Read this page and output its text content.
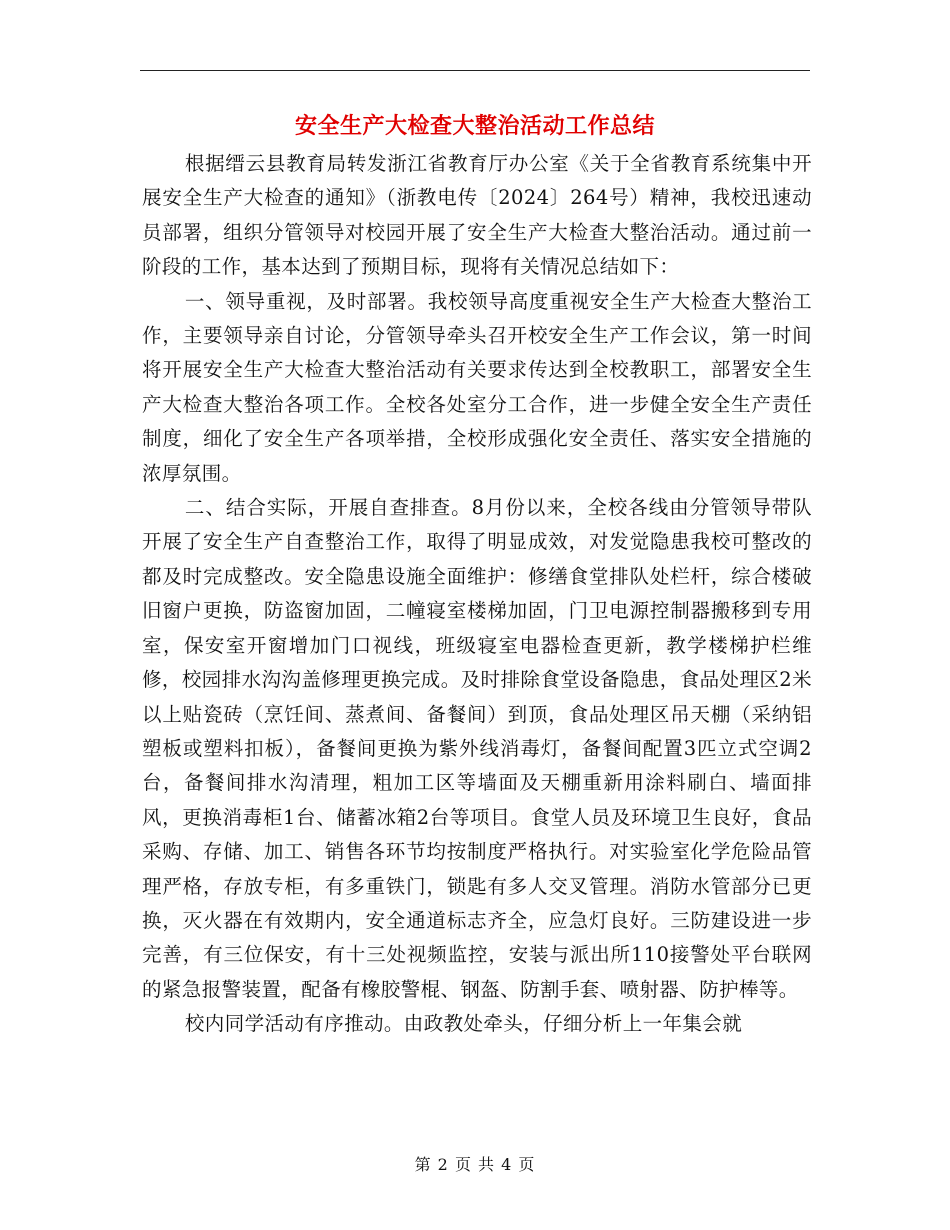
安全生产大检查大整治活动工作总结

根据缙云县教育局转发浙江省教育厅办公室《关于全省教育系统集中开展安全生产大检查的通知》（浙教电传〔2024〕264号）精神，我校迅速动员部署，组织分管领导对校园开展了安全生产大检查大整治活动。通过前一阶段的工作，基本达到了预期目标，现将有关情况总结如下：

一、领导重视，及时部署。我校领导高度重视安全生产大检查大整治工作，主要领导亲自讨论，分管领导牵头召开校安全生产工作会议，第一时间将开展安全生产大检查大整治活动有关要求传达到全校教职工，部署安全生产大检查大整治各项工作。全校各处室分工合作，进一步健全安全生产责任制度，细化了安全生产各项举措，全校形成强化安全责任、落实安全措施的浓厚氛围。

二、结合实际，开展自查排查。8月份以来，全校各线由分管领导带队开展了安全生产自查整治工作，取得了明显成效，对发觉隐患我校可整改的都及时完成整改。安全隐患设施全面维护：修缮食堂排队处栏杆，综合楼破旧窗户更换，防盗窗加固，二幢寝室楼梯加固，门卫电源控制器搬移到专用室，保安室开窗增加门口视线，班级寝室电器检查更新，教学楼梯护栏维修，校园排水沟沟盖修理更换完成。及时排除食堂设备隐患，食品处理区2米以上贴瓷砖（烹饪间、蒸煮间、备餐间）到顶，食品处理区吊天棚（采纳铝塑板或塑料扣板），备餐间更换为紫外线消毒灯，备餐间配置3匹立式空调2台，备餐间排水沟清理，粗加工区等墙面及天棚重新用涂料刷白、墙面排风，更换消毒柜1台、储蓄冰箱2台等项目。食堂人员及环境卫生良好，食品采购、存储、加工、销售各环节均按制度严格执行。对实验室化学危险品管理严格，存放专柜，有多重铁门，锁匙有多人交叉管理。消防水管部分已更换，灭火器在有效期内，安全通道标志齐全，应急灯良好。三防建设进一步完善，有三位保安，有十三处视频监控，安装与派出所110接警处平台联网的紧急报警装置，配备有橡胶警棍、钢盔、防割手套、喷射器、防护棒等。

校内同学活动有序推动。由政教处牵头，仔细分析上一年集会就

第 2 页 共 4 页
